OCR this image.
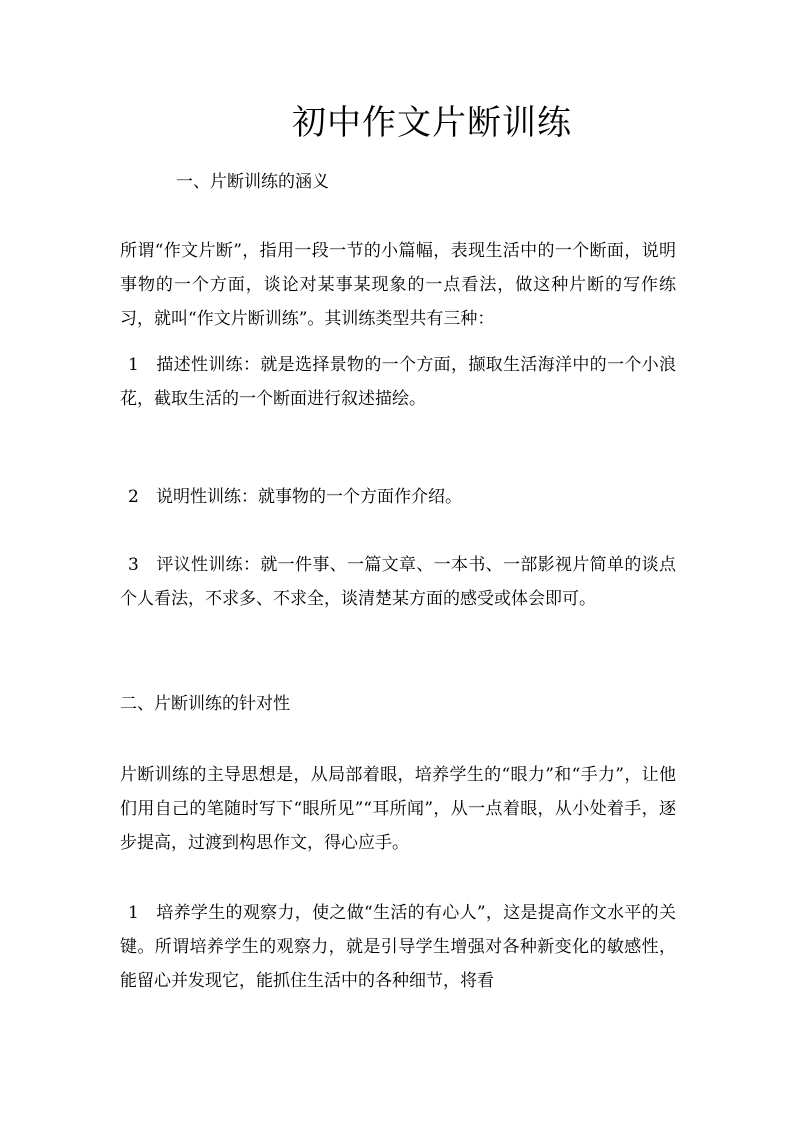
初中作文片断训练
一、片断训练的涵义

所谓“作文片断”，指用一段一节的小篇幅，表现生活中的一个断面，说明事物的一个方面，谈论对某事某现象的一点看法，做这种片断的写作练习，就叫“作文片断训练”。其训练类型共有三种：

1 描述性训练：就是选择景物的一个方面，撷取生活海洋中的一个小浪花，截取生活的一个断面进行叙述描绘。

2 说明性训练：就事物的一个方面作介绍。

3 评议性训练：就一件事、一篇文章、一本书、一部影视片简单的谈点个人看法，不求多、不求全，谈清楚某方面的感受或体会即可。

二、片断训练的针对性

片断训练的主导思想是，从局部着眼，培养学生的“眼力”和“手力”，让他们用自己的笔随时写下“眼所见”“耳所闻”，从一点着眼，从小处着手，逐步提高，过渡到构思作文，得心应手。

1 培养学生的观察力，使之做“生活的有心人”，这是提高作文水平的关键。所谓培养学生的观察力，就是引导学生增强对各种新变化的敏感性，能留心并发现它，能抓住生活中的各种细节，将看
